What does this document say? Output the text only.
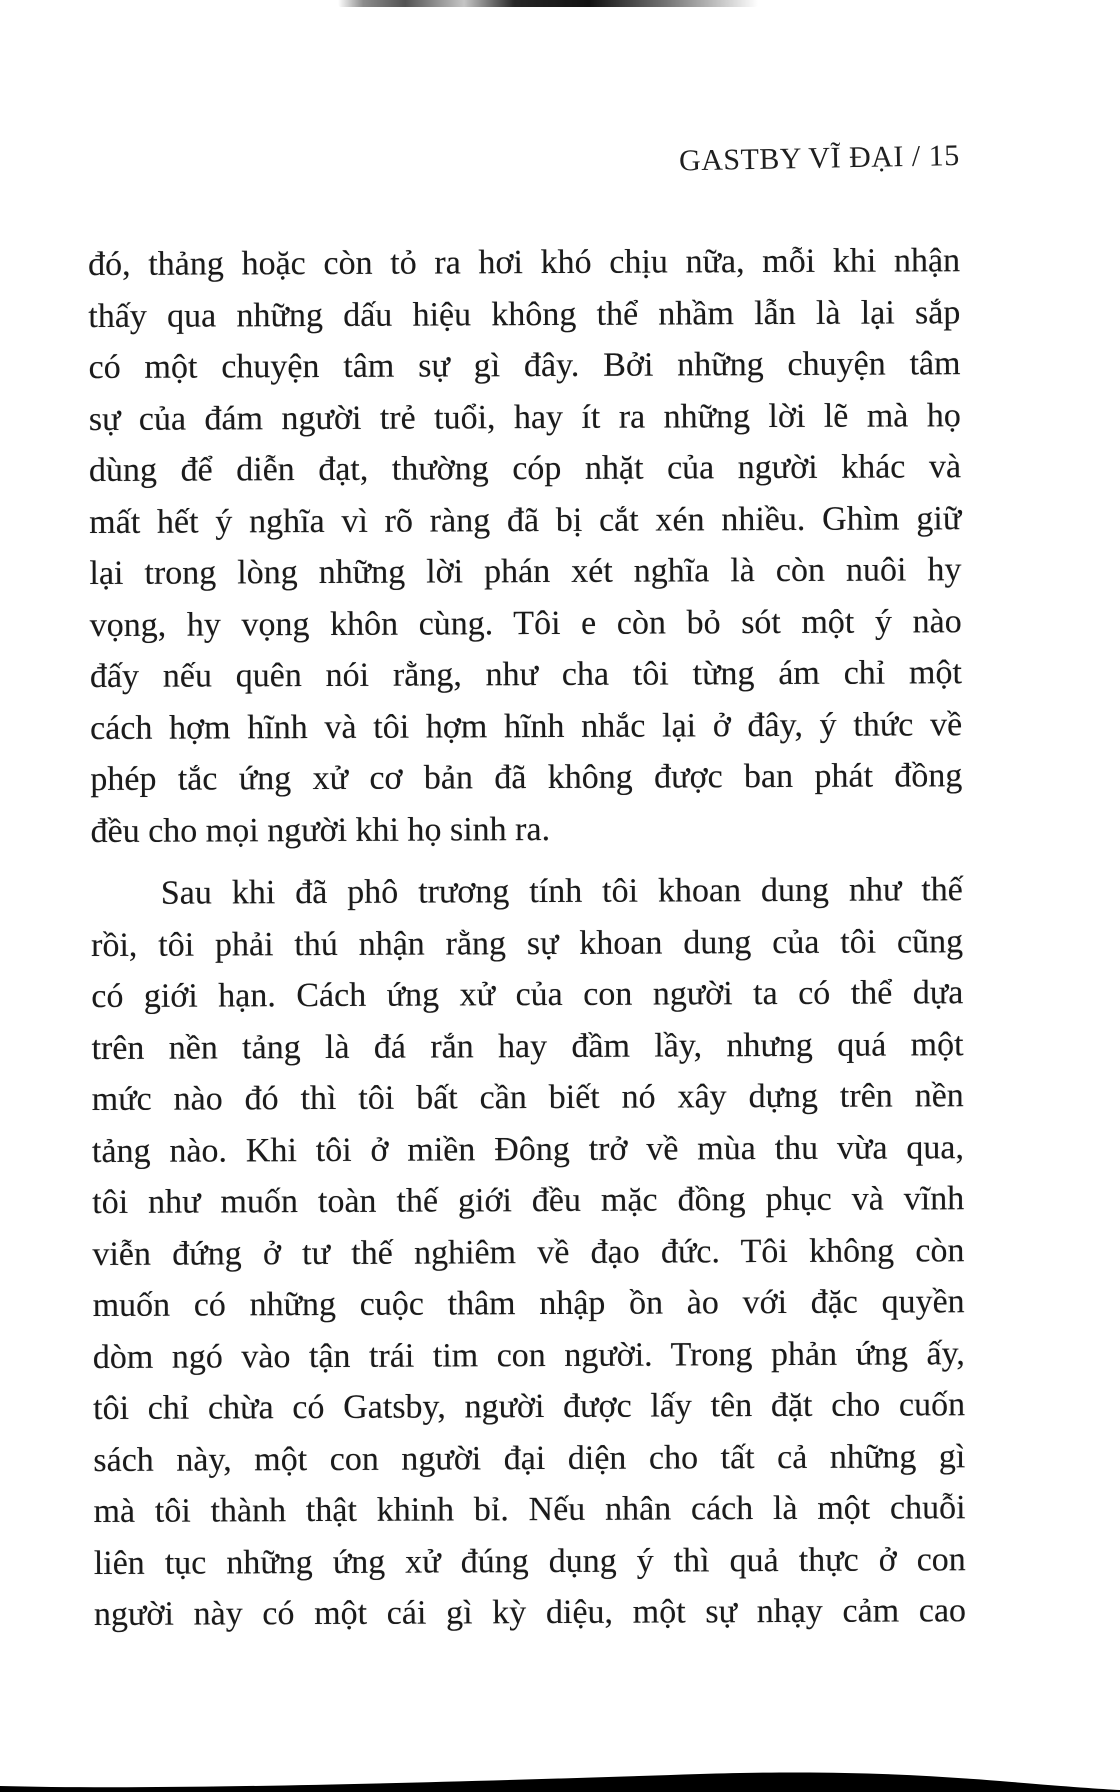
GASTBY VĨ ĐẠI / 15
đó, thảng hoặc còn tỏ ra hơi khó chịu nữa, mỗi khi nhận
thấy qua những dấu hiệu không thể nhầm lẫn là lại sắp
có một chuyện tâm sự gì đây. Bởi những chuyện tâm
sự của đám người trẻ tuổi, hay ít ra những lời lẽ mà họ
dùng để diễn đạt, thường cóp nhặt của người khác và
mất hết ý nghĩa vì rõ ràng đã bị cắt xén nhiều. Ghìm giữ
lại trong lòng những lời phán xét nghĩa là còn nuôi hy
vọng, hy vọng khôn cùng. Tôi e còn bỏ sót một ý nào
đấy nếu quên nói rằng, như cha tôi từng ám chỉ một
cách hợm hĩnh và tôi hợm hĩnh nhắc lại ở đây, ý thức về
phép tắc ứng xử cơ bản đã không được ban phát đồng
đều cho mọi người khi họ sinh ra.
Sau khi đã phô trương tính tôi khoan dung như thế
rồi, tôi phải thú nhận rằng sự khoan dung của tôi cũng
có giới hạn. Cách ứng xử của con người ta có thể dựa
trên nền tảng là đá rắn hay đầm lầy, nhưng quá một
mức nào đó thì tôi bất cần biết nó xây dựng trên nền
tảng nào. Khi tôi ở miền Đông trở về mùa thu vừa qua,
tôi như muốn toàn thế giới đều mặc đồng phục và vĩnh
viễn đứng ở tư thế nghiêm về đạo đức. Tôi không còn
muốn có những cuộc thâm nhập ồn ào với đặc quyền
dòm ngó vào tận trái tim con người. Trong phản ứng ấy,
tôi chỉ chừa có Gatsby, người được lấy tên đặt cho cuốn
sách này, một con người đại diện cho tất cả những gì
mà tôi thành thật khinh bỉ. Nếu nhân cách là một chuỗi
liên tục những ứng xử đúng dụng ý thì quả thực ở con
người này có một cái gì kỳ diệu, một sự nhạy cảm cao
